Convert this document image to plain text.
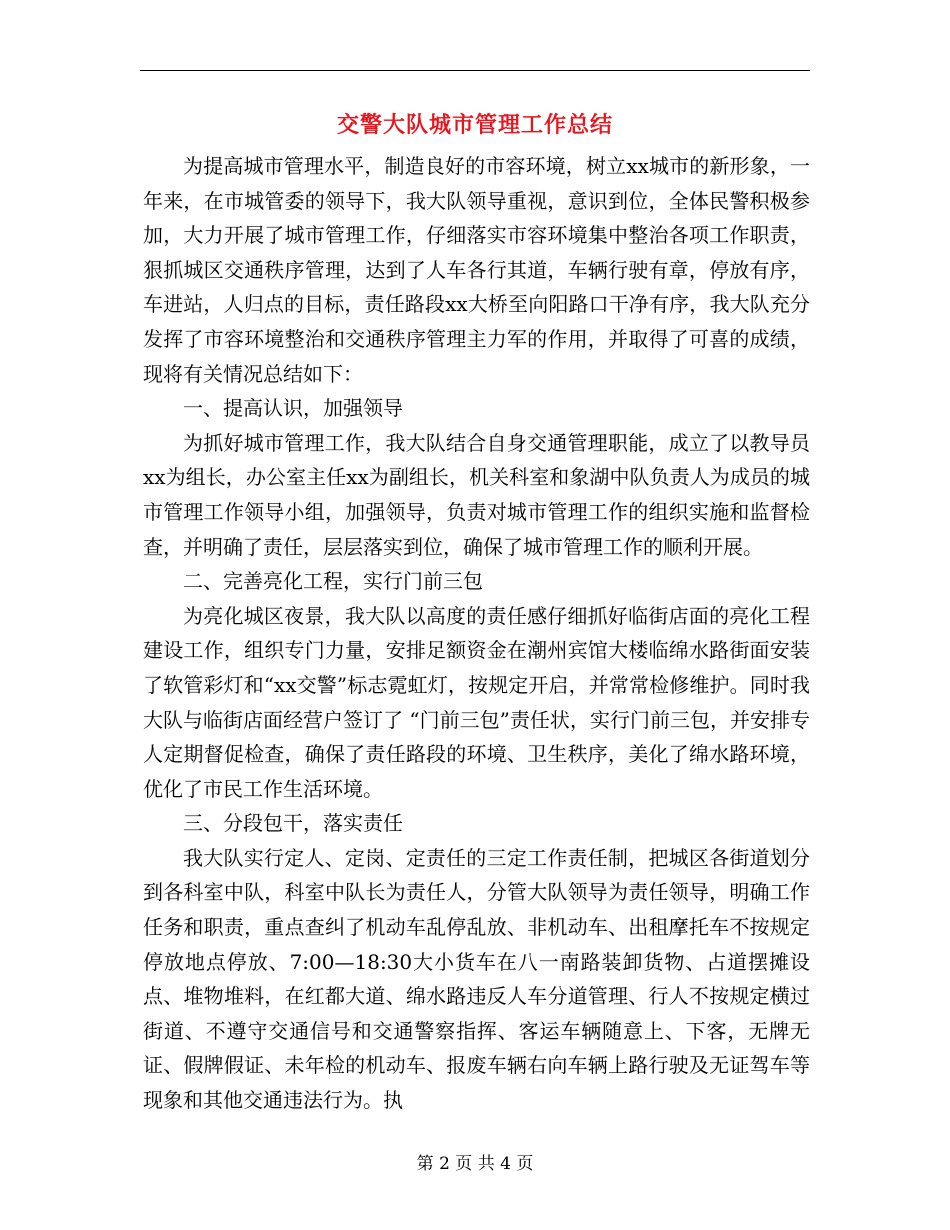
交警大队城市管理工作总结

为提高城市管理水平，制造良好的市容环境，树立xx城市的新形象，一年来，在市城管委的领导下，我大队领导重视，意识到位，全体民警积极参加，大力开展了城市管理工作，仔细落实市容环境集中整治各项工作职责，狠抓城区交通秩序管理，达到了人车各行其道，车辆行驶有章，停放有序，车进站，人归点的目标，责任路段xx大桥至向阳路口干净有序，我大队充分发挥了市容环境整治和交通秩序管理主力军的作用，并取得了可喜的成绩，现将有关情况总结如下：

一、提高认识，加强领导

为抓好城市管理工作，我大队结合自身交通管理职能，成立了以教导员xx为组长，办公室主任xx为副组长，机关科室和象湖中队负责人为成员的城市管理工作领导小组，加强领导，负责对城市管理工作的组织实施和监督检查，并明确了责任，层层落实到位，确保了城市管理工作的顺利开展。

二、完善亮化工程，实行门前三包

为亮化城区夜景，我大队以高度的责任感仔细抓好临街店面的亮化工程建设工作，组织专门力量，安排足额资金在潮州宾馆大楼临绵水路街面安装了软管彩灯和“xx交警”标志霓虹灯，按规定开启，并常常检修维护。同时我大队与临街店面经营户签订了 “门前三包”责任状，实行门前三包，并安排专人定期督促检查，确保了责任路段的环境、卫生秩序，美化了绵水路环境，优化了市民工作生活环境。

三、分段包干，落实责任

我大队实行定人、定岗、定责任的三定工作责任制，把城区各街道划分到各科室中队，科室中队长为责任人，分管大队领导为责任领导，明确工作任务和职责，重点查纠了机动车乱停乱放、非机动车、出租摩托车不按规定停放地点停放、7:00—18:30大小货车在八一南路装卸货物、占道摆摊设点、堆物堆料，在红都大道、绵水路违反人车分道管理、行人不按规定横过街道、不遵守交通信号和交通警察指挥、客运车辆随意上、下客，无牌无证、假牌假证、未年检的机动车、报废车辆右向车辆上路行驶及无证驾车等现象和其他交通违法行为。执

第 2 页 共 4 页
